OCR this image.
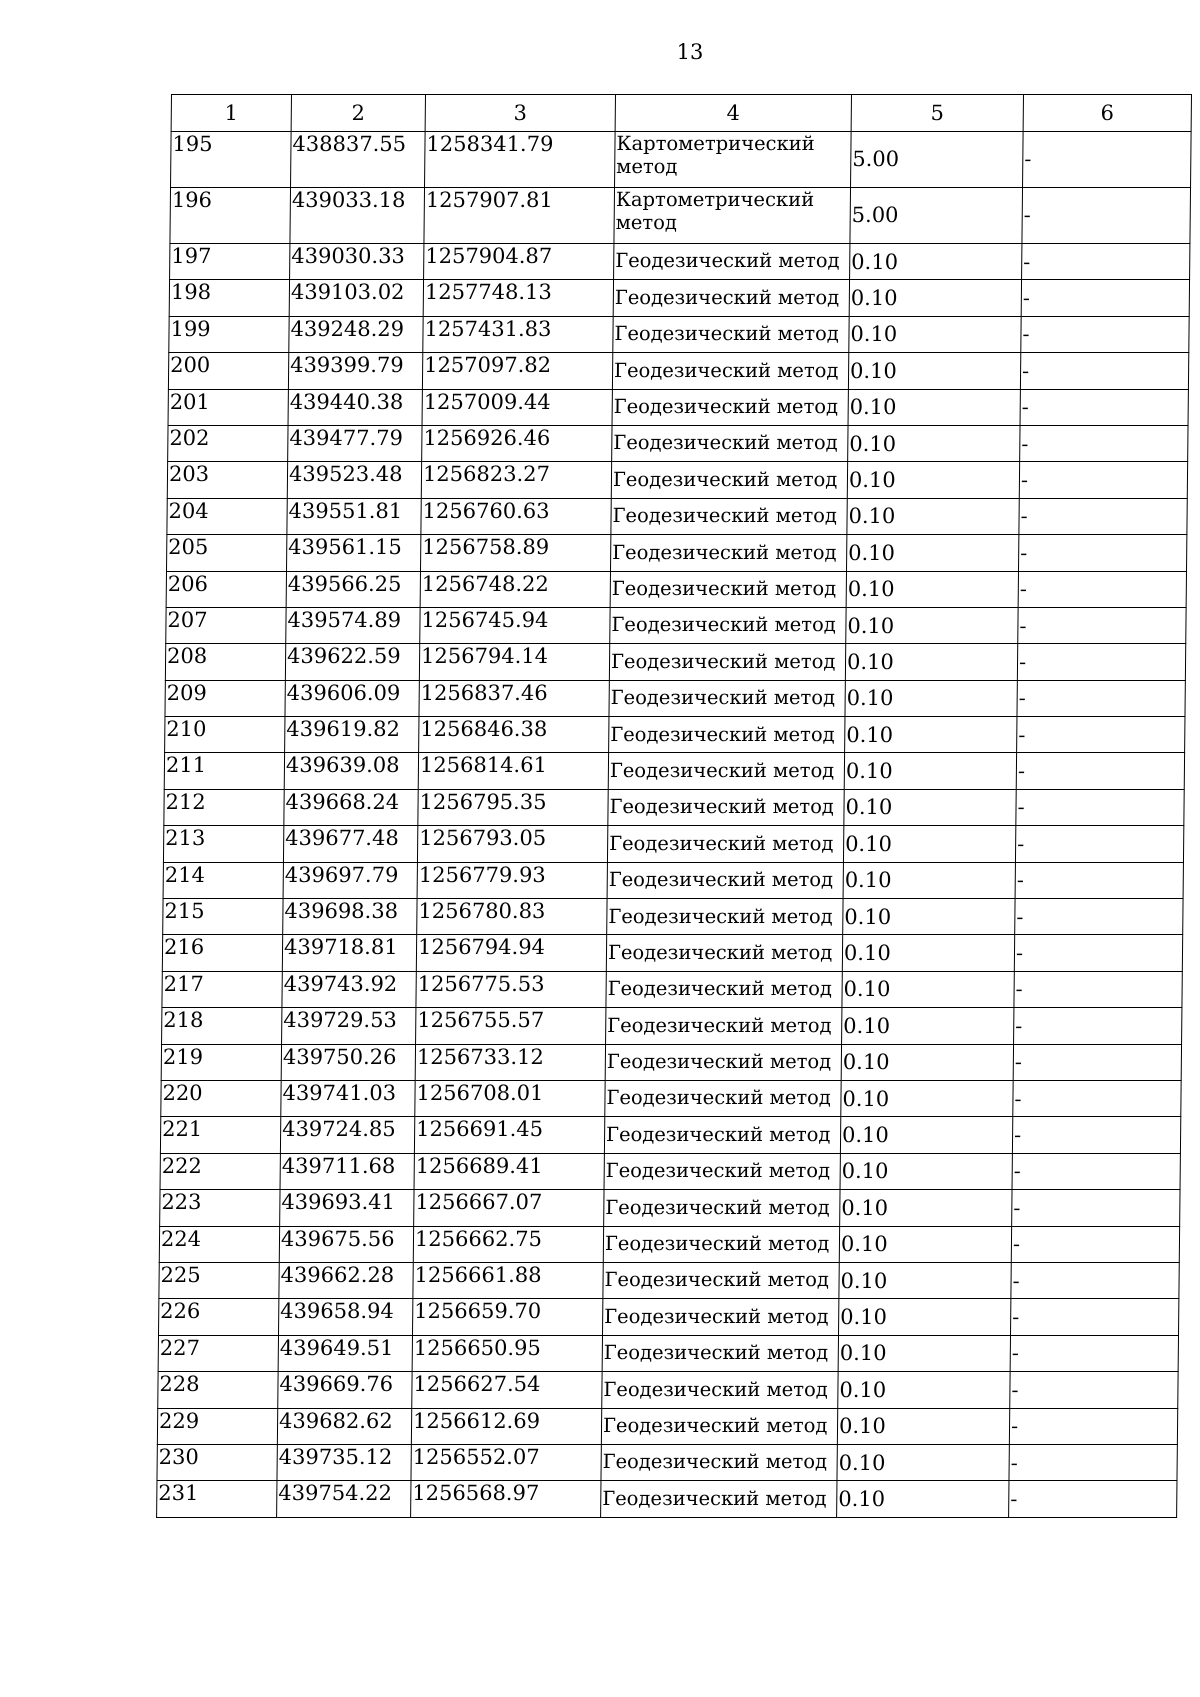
13
1	2	3	4	5	6
195	438837.55	1258341.79	Картометрический метод	5.00	-
196	439033.18	1257907.81	Картометрический метод	5.00	-
197	439030.33	1257904.87	Геодезический метод	0.10	-
198	439103.02	1257748.13	Геодезический метод	0.10	-
199	439248.29	1257431.83	Геодезический метод	0.10	-
200	439399.79	1257097.82	Геодезический метод	0.10	-
201	439440.38	1257009.44	Геодезический метод	0.10	-
202	439477.79	1256926.46	Геодезический метод	0.10	-
203	439523.48	1256823.27	Геодезический метод	0.10	-
204	439551.81	1256760.63	Геодезический метод	0.10	-
205	439561.15	1256758.89	Геодезический метод	0.10	-
206	439566.25	1256748.22	Геодезический метод	0.10	-
207	439574.89	1256745.94	Геодезический метод	0.10	-
208	439622.59	1256794.14	Геодезический метод	0.10	-
209	439606.09	1256837.46	Геодезический метод	0.10	-
210	439619.82	1256846.38	Геодезический метод	0.10	-
211	439639.08	1256814.61	Геодезический метод	0.10	-
212	439668.24	1256795.35	Геодезический метод	0.10	-
213	439677.48	1256793.05	Геодезический метод	0.10	-
214	439697.79	1256779.93	Геодезический метод	0.10	-
215	439698.38	1256780.83	Геодезический метод	0.10	-
216	439718.81	1256794.94	Геодезический метод	0.10	-
217	439743.92	1256775.53	Геодезический метод	0.10	-
218	439729.53	1256755.57	Геодезический метод	0.10	-
219	439750.26	1256733.12	Геодезический метод	0.10	-
220	439741.03	1256708.01	Геодезический метод	0.10	-
221	439724.85	1256691.45	Геодезический метод	0.10	-
222	439711.68	1256689.41	Геодезический метод	0.10	-
223	439693.41	1256667.07	Геодезический метод	0.10	-
224	439675.56	1256662.75	Геодезический метод	0.10	-
225	439662.28	1256661.88	Геодезический метод	0.10	-
226	439658.94	1256659.70	Геодезический метод	0.10	-
227	439649.51	1256650.95	Геодезический метод	0.10	-
228	439669.76	1256627.54	Геодезический метод	0.10	-
229	439682.62	1256612.69	Геодезический метод	0.10	-
230	439735.12	1256552.07	Геодезический метод	0.10	-
231	439754.22	1256568.97	Геодезический метод	0.10	-
